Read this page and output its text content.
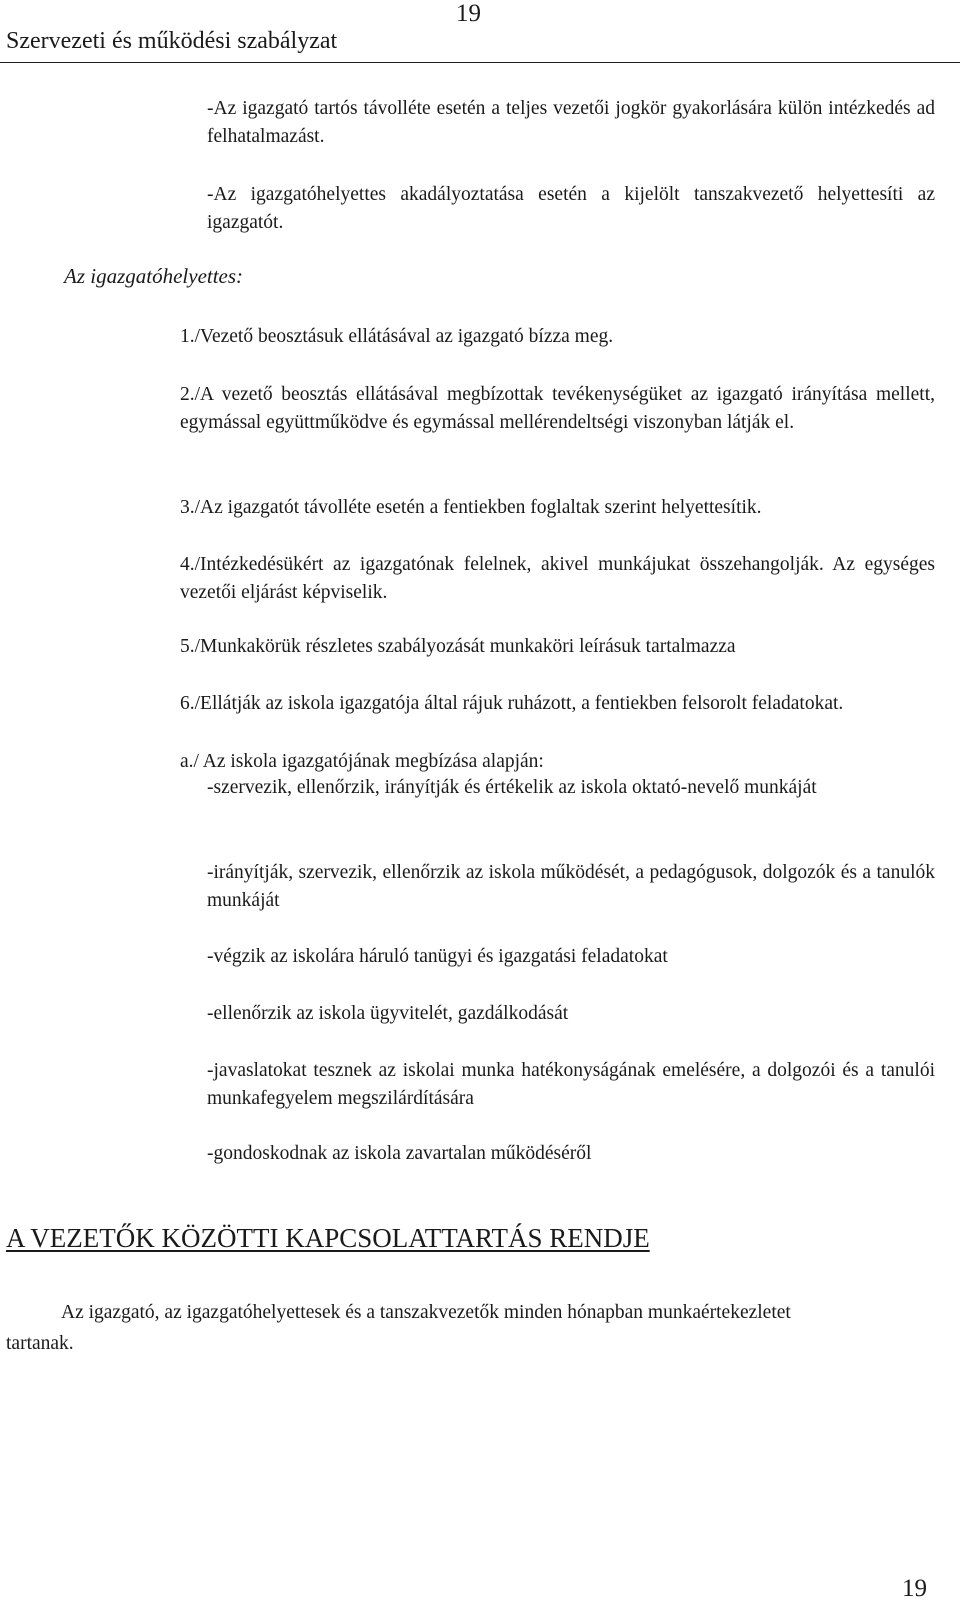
19
Szervezeti és működési szabályzat

-Az igazgató tartós távolléte esetén a teljes vezetői jogkör gyakorlására külön intézkedés ad felhatalmazást.

-Az igazgatóhelyettes akadályoztatása esetén a kijelölt tanszakvezető helyettesíti az igazgatót.

Az igazgatóhelyettes:

1./Vezető beosztásuk ellátásával az igazgató bízza meg.

2./A vezető beosztás ellátásával megbízottak tevékenységüket az igazgató irányítása mellett, egymással együttműködve és egymással mellérendeltségi viszonyban látják el.

3./Az igazgatót távolléte esetén a fentiekben foglaltak szerint helyettesítik.

4./Intézkedésükért az igazgatónak felelnek, akivel munkájukat összehangolják. Az egységes vezetői eljárást képviselik.

5./Munkakörük részletes szabályozását munkaköri leírásuk tartalmazza

6./Ellátják az iskola igazgatója által rájuk ruházott, a fentiekben felsorolt feladatokat.

a./ Az iskola igazgatójának megbízása alapján:

-szervezik, ellenőrzik, irányítják és értékelik az iskola oktató-nevelő munkáját

-irányítják, szervezik, ellenőrzik az iskola működését, a pedagógusok, dolgozók és a tanulók munkáját

-végzik az iskolára háruló tanügyi és igazgatási feladatokat

-ellenőrzik az iskola ügyvitelét, gazdálkodását

-javaslatokat tesznek az iskolai munka hatékonyságának emelésére, a dolgozói és a tanulói munkafegyelem megszilárdítására

-gondoskodnak az iskola zavartalan működéséről

A VEZETŐK KÖZÖTTI KAPCSOLATTARTÁS RENDJE

Az igazgató, az igazgatóhelyettesek és a tanszakvezetők minden hónapban munkaértekezletet tartanak.

19
